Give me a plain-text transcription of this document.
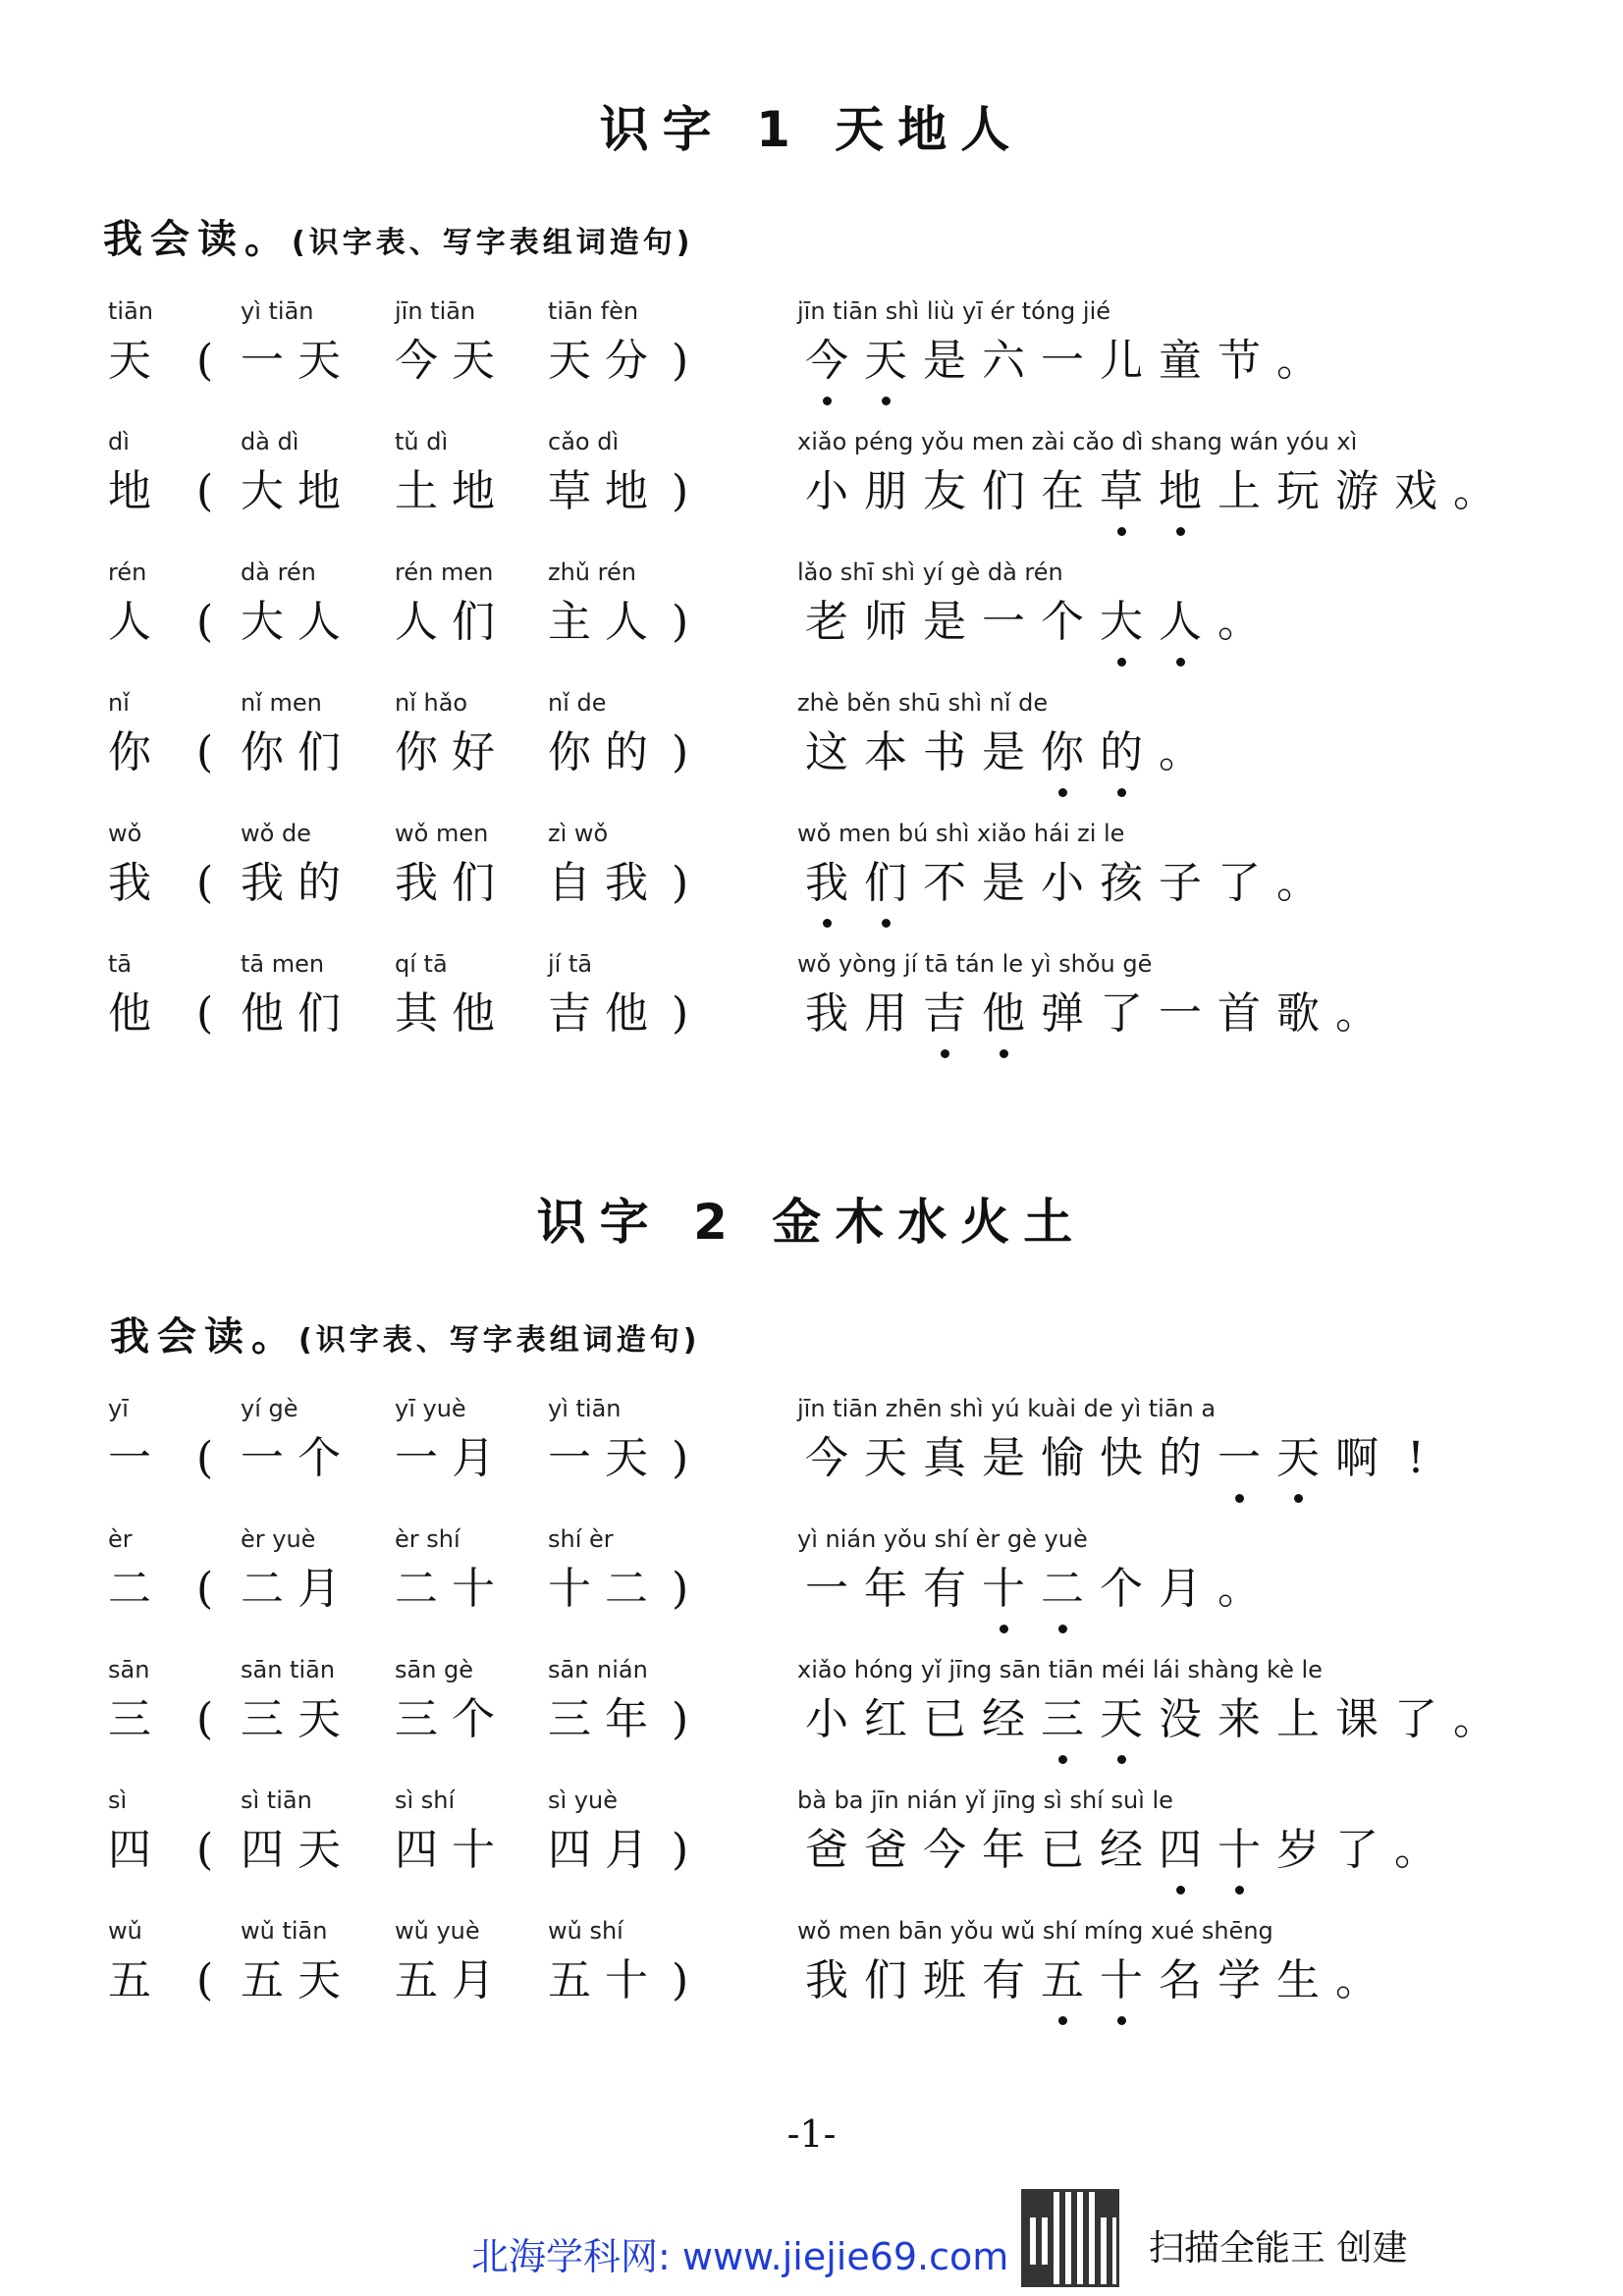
识字 1 天地人
我会读。(识字表、写字表组词造句)
tiān
天 (
yì tiān
一天
jīn tiān
今天
tiān fèn
天分 )
jīn tiān shì liù yī ér tóng jié
今 天 是 六 一 儿 童 节 。
dì
地 (
dà dì
大地
tǔ dì
土地
cǎo dì
草地 )
xiǎo péng yǒu men zài cǎo dì shang wán yóu xì
小 朋 友 们 在 草 地 上 玩 游 戏 。
rén
人 (
dà rén
大人
rén men
人们
zhǔ rén
主人 )
lǎo shī shì yí gè dà rén
老 师 是 一 个 大 人 。
nǐ
你 (
nǐ men
你们
nǐ hǎo
你好
nǐ de
你的 )
zhè běn shū shì nǐ de
这 本 书 是 你 的 。
wǒ
我 (
wǒ de
我的
wǒ men
我们
zì wǒ
自我 )
wǒ men bú shì xiǎo hái zi le
我 们 不 是 小 孩 子 了 。
tā
他 (
tā men
他们
qí tā
其他
jí tā
吉他 )
wǒ yòng jí tā tán le yì shǒu gē
我 用 吉 他 弹 了 一 首 歌 。
识字 2 金木水火土
我会读。(识字表、写字表组词造句)
yī
一 (
yí gè
一个
yī yuè
一月
yì tiān
一天 )
jīn tiān zhēn shì yú kuài de yì tiān a
今 天 真 是 愉 快 的 一 天 啊 !
èr
二 (
èr yuè
二月
èr shí
二十
shí èr
十二 )
yì nián yǒu shí èr gè yuè
一 年 有 十 二 个 月 。
sān
三 (
sān tiān
三天
sān gè
三个
sān nián
三年 )
xiǎo hóng yǐ jīng sān tiān méi lái shàng kè le
小 红 已 经 三 天 没 来 上 课 了 。
sì
四 (
sì tiān
四天
sì shí
四十
sì yuè
四月 )
bà ba jīn nián yǐ jīng sì shí suì le
爸 爸 今 年 已 经 四 十 岁 了 。
wǔ
五 (
wǔ tiān
五天
wǔ yuè
五月
wǔ shí
五十 )
wǒ men bān yǒu wǔ shí míng xué shēng
我 们 班 有 五 十 名 学 生 。
-1-
北海学科网: www.jiejie69.com	扫描全能王 创建
